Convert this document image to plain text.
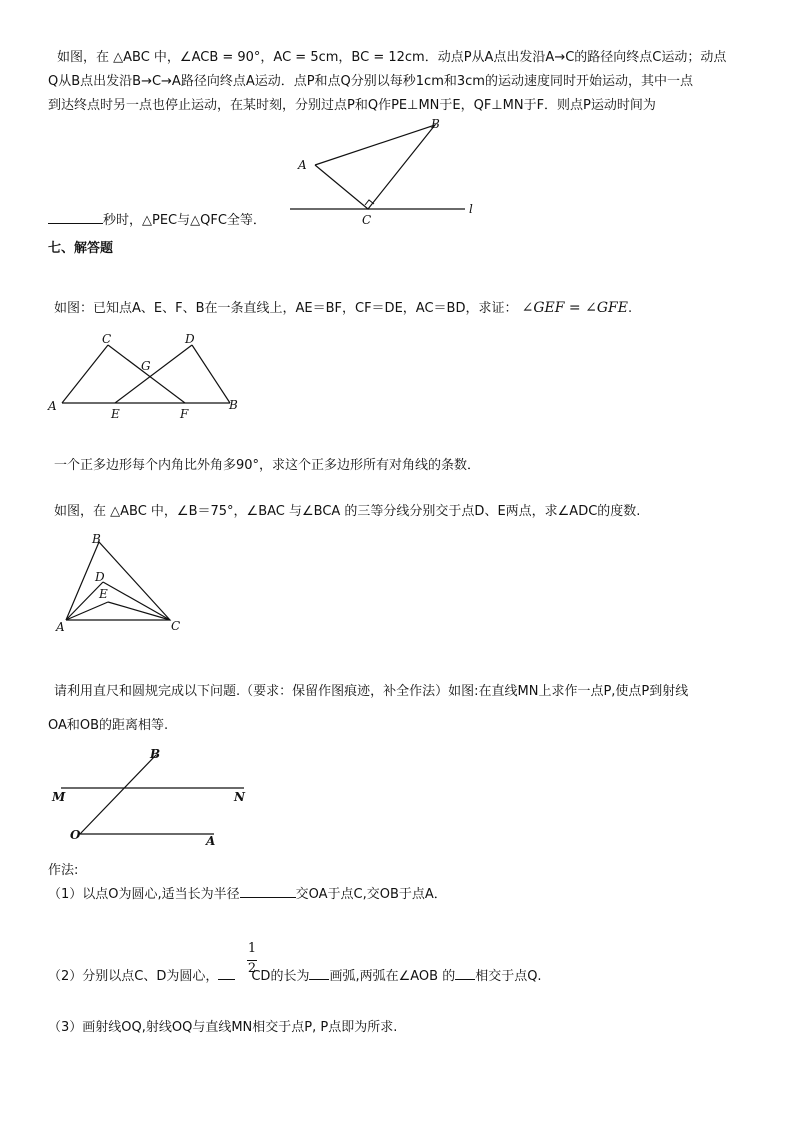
如图，在 △ABC 中，∠ACB = 90°，AC = 5cm，BC = 12cm．动点P从A点出发沿A→C的路径向终点C运动；动点
Q从B点出发沿B→C→A路径向终点A运动．点P和点Q分别以每秒1cm和3cm的运动速度同时开始运动，其中一点
到达终点时另一点也停止运动，在某时刻，分别过点P和Q作PE⊥MN于E，QF⊥MN于F．则点P运动时间为
A
B
C
l
秒时，△PEC与△QFC全等．
七、解答题
如图：已知点A、E、F、B在一条直线上，AE＝BF，CF＝DE，AC＝BD，求证： ∠GEF = ∠GFE.
A	B
C	D
E	F
G
一个正多边形每个内角比外角多90°，求这个正多边形所有对角线的条数．
如图，在 △ABC 中，∠B＝75°，∠BAC 与∠BCA 的三等分线分别交于点D、E两点，求∠ADC的度数.
A
B
C
D
E
请利用直尺和圆规完成以下问题.（要求：保留作图痕迹，补全作法）如图:在直线MN上求作一点P,使点P到射线
OA和OB的距离相等.
M	N
O	A
B
作法:
（1）以点O为圆心,适当长为半径	交OA于点C,交OB于点A．
1
2
（2）分别以点C、D为圆心，	CD的长为 画弧,两弧在∠AOB 的 相交于点Q.
（3）画射线OQ,射线OQ与直线MN相交于点P, P点即为所求.
